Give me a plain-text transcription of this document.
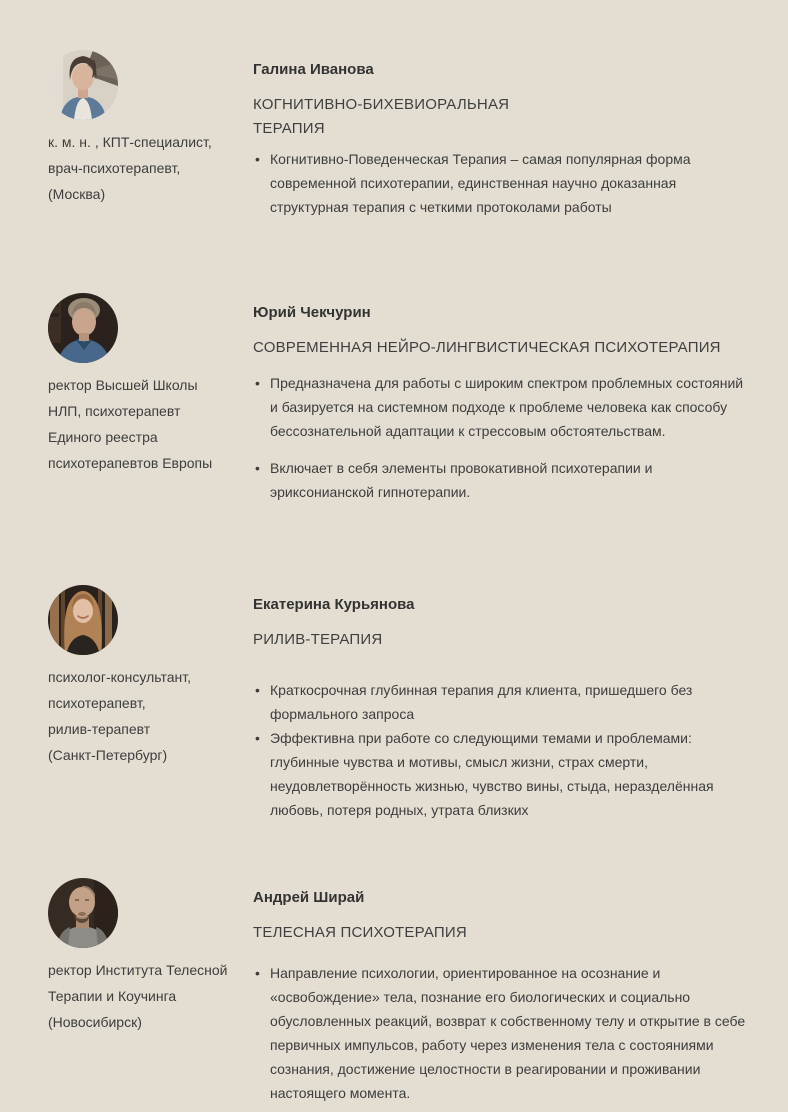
к. м. н. , КПТ-специалист,
врач-психотерапевт,
(Москва)
Галина Иванова
КОГНИТИВНО-БИХЕВИОРАЛЬНАЯ
ТЕРАПИЯ
• Когнитивно-Поведенческая Терапия – самая популярная форма современной психотерапии, единственная научно доказанная структурная терапия с четкими протоколами работы
ректор Высшей Школы
НЛП, психотерапевт
Единого реестра
психотерапевтов Европы
Юрий Чекчурин
СОВРЕМЕННАЯ НЕЙРО-ЛИНГВИСТИЧЕСКАЯ ПСИХОТЕРАПИЯ
• Предназначена для работы с широким спектром проблемных состояний и базируется на системном подходе к проблеме человека как способу бессознательной адаптации к стрессовым обстоятельствам.
• Включает в себя элементы провокативной психотерапии и эриксонианской гипнотерапии.
психолог-консультант,
психотерапевт,
рилив-терапевт
(Санкт-Петербург)
Екатерина Курьянова
РИЛИВ-ТЕРАПИЯ
• Краткосрочная глубинная терапия для клиента, пришедшего без формального запроса
• Эффективна при работе со следующими темами и проблемами: глубинные чувства и мотивы, смысл жизни, страх смерти, неудовлетворённость жизнью, чувство вины, стыда, неразделённая любовь, потеря родных, утрата близких
ректор Института Телесной
Терапии и Коучинга
(Новосибирск)
Андрей Ширай
ТЕЛЕСНАЯ ПСИХОТЕРАПИЯ
• Направление психологии, ориентированное на осознание и «освобождение» тела, познание его биологических и социально обусловленных реакций, возврат к собственному телу и открытие в себе первичных импульсов, работу через изменения тела с состояниями сознания, достижение целостности в реагировании и проживании настоящего момента.
